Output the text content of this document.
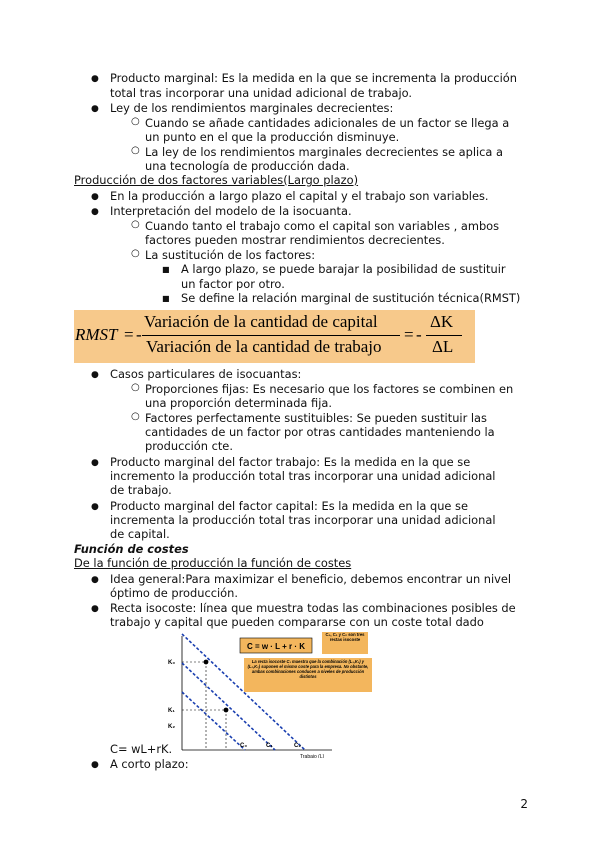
● Producto marginal: Es la medida en la que se incrementa la producción
total tras incorporar una unidad adicional de trabajo.
● Ley de los rendimientos marginales decrecientes:
○ Cuando se añade cantidades adicionales de un factor se llega a
un punto en el que la producción disminuye.
○ La ley de los rendimientos marginales decrecientes se aplica a
una tecnología de producción dada.
Producción de dos factores variables(Largo plazo)
● En la producción a largo plazo el capital y el trabajo son variables.
● Interpretación del modelo de la isocuanta.
○ Cuando tanto el trabajo como el capital son variables , ambos
factores pueden mostrar rendimientos decrecientes.
○ La sustitución de los factores:
■ A largo plazo, se puede barajar la posibilidad de sustituir
un factor por otro.
■ Se define la relación marginal de sustitución técnica(RMST)
RMST = -
Variación de la cantidad de capital
Variación de la cantidad de trabajo
= -
ΔK
ΔL
● Casos particulares de isocuantas:
○ Proporciones fijas: Es necesario que los factores se combinen en
una proporción determinada fija.
○ Factores perfectamente sustituibles: Se pueden sustituir las
cantidades de un factor por otras cantidades manteniendo la
producción cte.
● Producto marginal del factor trabajo: Es la medida en la que se
incremento la producción total tras incorporar una unidad adicional
de trabajo.
● Producto marginal del factor capital: Es la medida en la que se
incrementa la producción total tras incorporar una unidad adicional
de capital.
Función de costes
De la función de producción la función de costes
● Idea general:Para maximizar el beneficio, debemos encontrar un nivel
óptimo de producción.
● Recta isocoste: línea que muestra todas las combinaciones posibles de
trabajo y capital que pueden compararse con un coste total dado
K₀
K₁
K₂
C₀	C₁	C₂
Trabajo (L)
C = w · L + r · K
C₀, C₁ y C₂ son tres rectas isocoste
La recta isocoste C₁ muestra que la combinación (L₁,K₁) y (L₂,K₂) suponen el mismo coste para la empresa. No obstante, ambas combinaciones conducen a niveles de producción distintos
C= wL+rK.
● A corto plazo:
2
